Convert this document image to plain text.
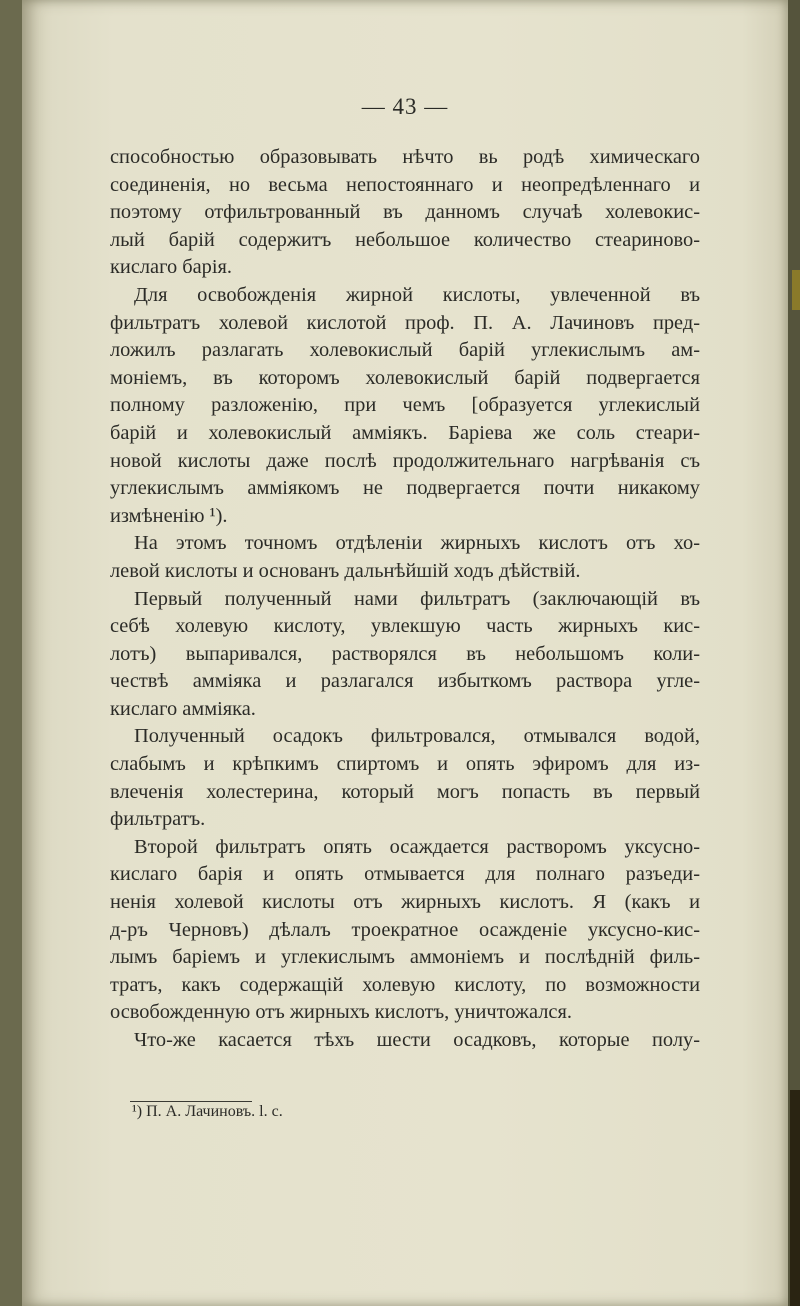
— 43 —
способностью образовывать нѣчто вь родѣ химическаго
соединенія, но весьма непостояннаго и неопредѣленнаго и
поэтому отфильтрованный въ данномъ случаѣ холевокис-
лый барій содержитъ небольшое количество стеариново-
кислаго барія.
Для освобожденія жирной кислоты, увлеченной въ
фильтратъ холевой кислотой проф. П. А. Лачиновъ пред-
ложилъ разлагать холевокислый барій углекислымъ ам-
моніемъ, въ которомъ холевокислый барій подвергается
полному разложенію, при чемъ [образуется углекислый
барій и холевокислый амміякъ. Баріева же соль стеари-
новой кислоты даже послѣ продолжительнаго нагрѣванія съ
углекислымъ амміякомъ не подвергается почти никакому
измѣненію ¹).
На этомъ точномъ отдѣленіи жирныхъ кислотъ отъ хо-
левой кислоты и основанъ дальнѣйшій ходъ дѣйствій.
Первый полученный нами фильтратъ (заключающій въ
себѣ холевую кислоту, увлекшую часть жирныхъ кис-
лотъ) выпаривался, растворялся въ небольшомъ коли-
чествѣ амміяка и разлагался избыткомъ раствора угле-
кислаго амміяка.
Полученный осадокъ фильтровался, отмывался водой,
слабымъ и крѣпкимъ спиртомъ и опять эфиромъ для из-
влеченія холестерина, который могъ попасть въ первый
фильтратъ.
Второй фильтратъ опять осаждается растворомъ уксусно-
кислаго барія и опять отмывается для полнаго разъеди-
ненія холевой кислоты отъ жирныхъ кислотъ. Я (какъ и
д-ръ Черновъ) дѣлалъ троекратное осажденіе уксусно-кис-
лымъ баріемъ и углекислымъ аммоніемъ и послѣдній филь-
тратъ, какъ содержащій холевую кислоту, по возможности
освобожденную отъ жирныхъ кислотъ, уничтожался.
Что-же касается тѣхъ шести осадковъ, которые полу-
¹) П. А. Лачиновъ. l. c.
